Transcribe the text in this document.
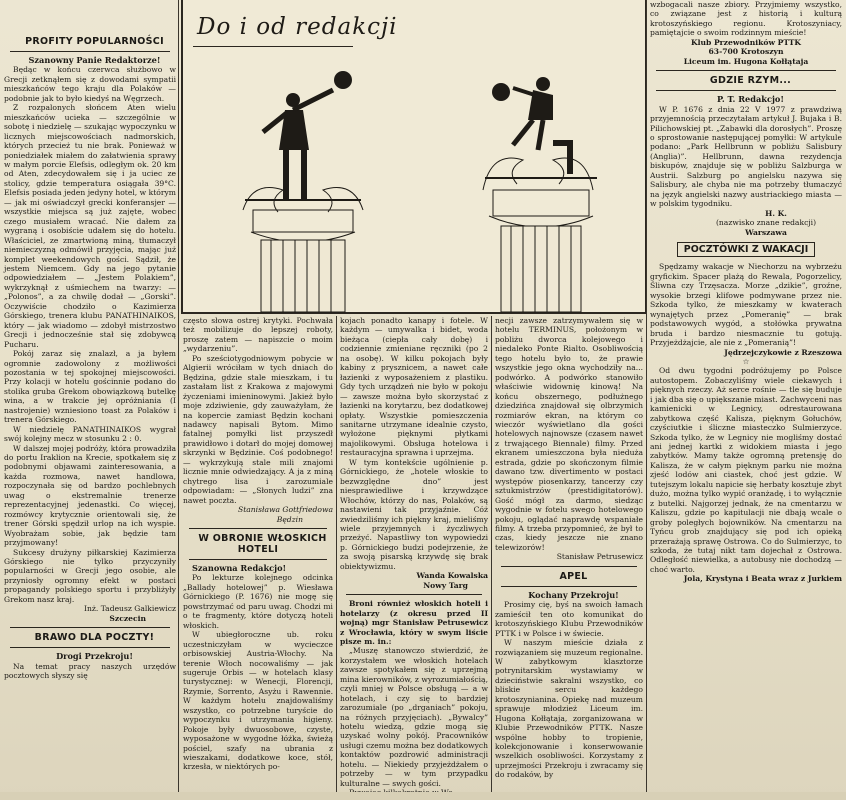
Do i od redakcji

PROFITY POPULARNOŚCI

Szanowny Panie Redaktorze!

Będąc w końcu czerwca służbowo w Grecji zetknąłem się z dowodami sympatii mieszkańców tego kraju dla Polaków — podobnie jak to było kiedyś na Węgrzech.

Z rozpalonych słońcem Aten wielu mieszkańców ucieka — szczególnie w sobotę i niedzielę — szukając wypoczynku w licznych miejscowościach nadmorskich, których przecież tu nie brak. Ponieważ w poniedziałek miałem do załatwienia sprawy w małym porcie Elefsis, odległym ok. 20 km od Aten, zdecydowałem się i ja uciec ze stolicy, gdzie temperatura osiągała 39°C. Elefsis posiada jeden jedyny hotel, w którym — jak mi oświadczył grecki konferansjer — wszystkie miejsca są już zajęte, wobec czego musiałem wracać. Nie dałem za wygraną i osobiście udałem się do hotelu. Właściciel, ze zmartwioną miną, tłumaczył niemieczyzną odmówił przyjęcia, mając już komplet weekendowych gości. Sądził, że jestem Niemcem. Gdy na jego pytanie odpowiedziałem — „Jestem Polakiem”, wykrzyknął z uśmiechem na twarzy: — „Polonos”, a za chwilę dodał — „Gorski”. Oczywiście chodziło o Kazimierza Górskiego, trenera klubu PANATHINAIKOS, który — jak wiadomo — zdobył mistrzostwo Grecji i jednocześnie stał się zdobywcą Pucharu.

Pokój zaraz się znalazł, a ja byłem ogromnie zadowolony z możliwości pozostania w tej spokojnej miejscowości. Przy kolacji w hotelu gościnnie podano do stolika gruba Grekom obowiązkową butelkę wina, a w trakcie jej opróżniania (I nastrojenie) wzniesiono toast za Polaków i trenera Górskiego.

W niedzielę PANATHINAIKOS wygrał swój kolejny mecz w stosunku 2 : 0.

W dalszej mojej podróży, która prowadziła do portu Iraklion na Krecie, spotkałem się z podobnymi objawami zainteresowania, a każda rozmowa, nawet handlowa, rozpoczynała się od bardzo pochlebnych uwag o ekstremalnie trenerze reprezentacyjnej jedenastki. Co więcej, rozmówcy krytycznie orientowali się, że trener Górski spędził urlop na ich wyspie. Wyobrażam sobie, jak będzie tam przyjmowany!

Sukcesy drużyny piłkarskiej Kazimierza Górskiego nie tylko przyczyniły popularności w Grecji jego osobie, ale przyniosły ogromny efekt w postaci propagandy polskiego sportu i przybliżyły Grekom nasz kraj.

Inż. Tadeusz Galkiewicz

Szczecin

BRAWO DLA POCZTY!

Drogi Przekroju!

Na temat pracy naszych urzędów pocztowych słyszy się

często słowa ostrej krytyki. Pochwała też mobilizuje do lepszej roboty, proszę zatem — napiszcie o moim „wydarzeniu”.

Po sześciotygodniowym pobycie w Algierii wróciłam w tych dniach do Będzina, gdzie stale mieszkam, i tu zastałam list z Krakowa z majowymi życzeniami imieninowymi. Jakież było moje zdziwienie, gdy zauważyłam, że na kopercie zamiast Będzin kochani nadawcy napisali Bytom. Mimo fatalnej pomyłki list przyszedł prawidłowo i dotarł do mojej domowej skrzynki w Będzinie. Coś podobnego! — wykrzykują stale mili znajomi licznie mnie odwiedzający. A ja z miną chytrego lisa i zarozumiale odpowiadam: — „Słonych ludzi” zna nawet poczta.

Stanisława Gottfriedowa

Będzin

W OBRONIE WŁOSKICH HOTELI

Szanowna Redakcjo!

Po lekturze kolejnego odcinka „Ballady hotelowej” p. Wiesława Górnickiego (P. 1676) nie mogę się powstrzymać od paru uwag. Chodzi mi o te fragmenty, które dotyczą hoteli włoskich.

W ubiegłoroczne ub. roku uczestniczyłam w wycieczce orbisowskiej Austria-Włochy. Na terenie Włoch nocowaliśmy — jak sugeruje Orbis — w hotelach klasy turystycznej: w Wenecji, Florencji, Rzymie, Sorrento, Asyżu i Rawennie. W każdym hotelu znajdowaliśmy wszystko, co potrzebne turyście do wypoczynku i utrzymania higieny. Pokoje były dwuosobowe, czyste, wyposażone w wygodne łóżka, świeżą pościel, szafy na ubrania z wieszakami, dodatkowe koce, stół, krzesła, w niektórych po-

kojach ponadto kanapy i fotele. W każdym — umywalka i bidet, woda bieżąca (ciepła cały dobę) i codziennie zmieniane ręczniki (po 2 na osobę). W kilku pokojach były kabiny z prysznicem, a nawet całe łazienki z wyposażeniem z plastiku. Gdy tych urządzeń nie było w pokoju — zawsze można było skorzystać z łazienki na korytarzu, bez dodatkowej opłaty. Wszystkie pomieszczenia sanitarne utrzymane idealnie czysto, wyłożone pięknymi płytkami majolikowymi. Obsługa hotelowa i restauracyjna sprawna i uprzejma.

W tym kontekście ugólnienie p. Górnickiego, że „hotele włoskie to bezwzględne dno” jest niesprawiedliwe i krzywdzące Włochów, którzy do nas, Polaków, są nastawieni tak przyjaźnie. Cóż zwiedziliśmy ich piękny kraj, mieliśmy wiele przyjemnych i życzliwych przeżyć. Napastliwy ton wypowiedzi p. Górnickiego budzi podejrzenie, że za swoją pisarską krzywdę się brak obiektywizmu.

Wanda Kowalska

Nowy Targ

Broni również włoskich hoteli i hotelarzy (z okresu przed II wojną) mgr Stanisław Petrusewicz z Wrocławia, który w swym liście pisze m. in.:

„Muszę stanowczo stwierdzić, że korzystałem we włoskich hotelach zawsze spotykałem się z uprzejmą mina kierowników, z wyrozumiałością, czyli mniej w Polsce obsługą — a w hotelach, i czy się to bardziej zarozumiale (po „drganiach” pokoju, na różnych przyjęciach). „Bywalcy” hotelu wiedzą, gdzie mogą się uzyskać wolny pokój. Pracowników usługi czemu można bez dodatkowych kontaktów pozdrowić administracji hotelu. — Niekiedy przyjeżdżałem o potrzeby — w tym przypadku kulturalne — swych gości.

necji zawsze zatrzymywałem się w hotelu TERMINUS, położonym w pobliżu dworca kolejowego i niedaleko Ponte Rialto. Osobliwością tego hotelu było to, że prawie wszystkie jego okna wychodziły na... podwórko. A podwórko stanowiło właściwie widownię kinową! Na końcu obszernego, podłużnego dziedzińca znajdował się olbrzymich rozmiarów ekran, na którym co wieczór wyświetlano dla gości hotelowych najnowsze (czasem nawet z trwającego Biennale) filmy. Przed ekranem umieszczona była nieduża estrada, gdzie po skończonym filmie dawano tzw. divertimento w postaci występów piosenkarzy, tancerzy czy sztukmistrzów (prestidigitatorów). Gość mógł za darmo, siedząc wygodnie w fotelu swego hotelowego pokoju, oglądać naprawdę wspaniałe filmy. A trzeba przypomnieć, że był to czas, kiedy jeszcze nie znano telewizorów!

Stanisław Petrusewicz

APEL

Kochany Przekroju!

Prosimy cię, byś na swoich łamach zamieścił ten oto komunikat do krotoszyńskiego Klubu Przewodników PTTK i w Polsce i w świecie.

W naszym mieście działa z rozwiązaniem się muzeum regionalne. W zabytkowym klasztorze potrynitarskim wystawiamy w dzieciństwie sakralni wszystko, co bliskie sercu każdego krotoszynianina. Opiekę nad muzeum sprawuje młodzież Liceum im. Hugona Kołłątaja, zorganizowana w Klubie Przewodników PTTK. Nasze wspólne hobby to tropienie, kolekcjonowanie i konserwowanie wszelkich osobliwości. Korzystamy z uprzejmości Przekroju i zwracamy się do rodaków, by

wzbogacali nasze zbiory. Przyjmiemy wszystko, co związane jest z historią i kulturą krotoszyńskiego regionu. Krotoszyniacy, pamiętajcie o swoim rodzinnym mieście!

Klub Przewodników PTTK

63-700 Krotoszyn

Liceum im. Hugona Kołłątaja

GDZIE RZYM...

P. T. Redakcjo!

W P. 1676 z dnia 22 V 1977 z prawdziwą przyjemnością przeczytałam artykuł J. Bujaka i B. Pilichowskiej pt. „Zabawki dla dorosłych”. Proszę o sprostowanie następującej pomyłki: W artykule podano: „Park Hellbrunn w pobliżu Salisbury (Anglia)”. Hellbrunn, dawna rezydencja biskupów, znajduje się w pobliżu Salzburga w Austrii. Salzburg po angielsku nazywa się Salisbury, ale chyba nie ma potrzeby tłumaczyć na język angielski nazwy austriackiego miasta — w polskim tygodniku.

H. K.

(nazwisko znane redakcji)

Warszawa

POCZTÓWKI Z WAKACJI

Spędzamy wakacje w Niechorzu na wybrzeżu gryfickim. Spacer plażą do Rewala, Pogorzelicy, Śliwna czy Trzęsacza. Morze „dzikie”, groźne, wysokie brzegi klifowe podmywane przez nie. Szkoda tylko, że mieszkamy w kwaterach wynajętych przez „Pomeranię” — brak podstawowych wygód, a stołówka prywatna bruda i bardzo niesmacznie tu gotują. Przyjeżdżajcie, ale nie z „Pomeranią”!

Jędrzejczykowie z Rzeszowa

☆

Od dwu tygodni podróżujemy po Polsce autostopem. Zobaczyliśmy wiele ciekawych i pięknych rzeczy. Aż serce rośnie — tle się buduje i jak dba się o upiększanie miast. Zachwyceni nas kamienicki w Legnicy, odrestaurowana zabytkowa część Kalisza, pięknym Gołuchów, czyściutkie i śliczne miasteczko Sulmierzyce. Szkoda tylko, że w Legnicy nie mogliśmy dostać ani jednej kartki z widokiem miasta i jego zabytków. Mamy także ogromną pretensję do Kalisza, że w całym pięknym parku nie można zjeść lodów ani ciastek, choć jest gdzie. W tutejszym lokalu napicie się herbaty kosztuje zbyt dużo, można tylko wypić oranżadę, i to wyłącznie z butelki. Najgorzej jednak, że na cmentarzu w Kaliszu, gdzie po kapitulacji nie dbają wcale o groby poległych bojowników. Na cmentarzu na Tyńcu grob znajdujący się pod ich opieką przerażają sprawę Ostrowa. Co do Sulmierzyc, to szkoda, że tutaj nikt tam dojechał z Ostrowa. Odległość niewielka, a autobusy nie dochodzą — choć warto.

Jola, Krystyna i Beata wraz z Jurkiem
